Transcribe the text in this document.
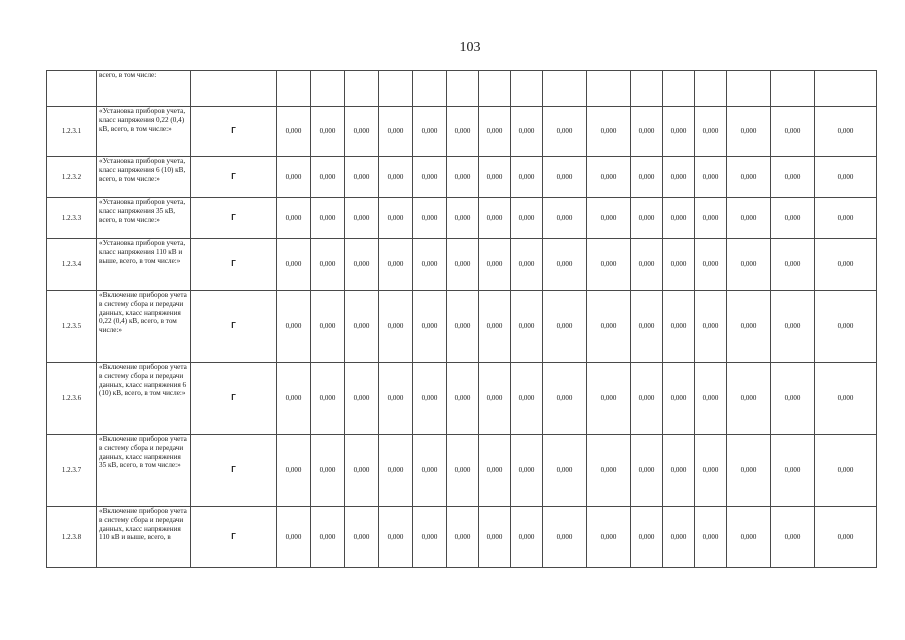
103
	всего, в том числе:																	
1.2.3.1	«Установка приборов учета, класс напряжения 0,22 (0,4) кВ, всего, в том числе:»	Г	0,000	0,000	0,000	0,000	0,000	0,000	0,000	0,000	0,000	0,000	0,000	0,000	0,000	0,000	0,000	0,000
1.2.3.2	«Установка приборов учета, класс напряжения 6 (10) кВ, всего, в том числе:»	Г	0,000	0,000	0,000	0,000	0,000	0,000	0,000	0,000	0,000	0,000	0,000	0,000	0,000	0,000	0,000	0,000
1.2.3.3	«Установка приборов учета, класс напряжения 35 кВ, всего, в том числе:»	Г	0,000	0,000	0,000	0,000	0,000	0,000	0,000	0,000	0,000	0,000	0,000	0,000	0,000	0,000	0,000	0,000
1.2.3.4	«Установка приборов учета, класс напряжения 110 кВ и выше, всего, в том числе:»	Г	0,000	0,000	0,000	0,000	0,000	0,000	0,000	0,000	0,000	0,000	0,000	0,000	0,000	0,000	0,000	0,000
1.2.3.5	«Включение приборов учета в систему сбора и передачи данных, класс напряжения 0,22 (0,4) кВ, всего, в том числе:»	Г	0,000	0,000	0,000	0,000	0,000	0,000	0,000	0,000	0,000	0,000	0,000	0,000	0,000	0,000	0,000	0,000
1.2.3.6	«Включение приборов учета в систему сбора и передачи данных, класс напряжения 6 (10) кВ, всего, в том числе:»	Г	0,000	0,000	0,000	0,000	0,000	0,000	0,000	0,000	0,000	0,000	0,000	0,000	0,000	0,000	0,000	0,000
1.2.3.7	«Включение приборов учета в систему сбора и передачи данных, класс напряжения 35 кВ, всего, в том числе:»	Г	0,000	0,000	0,000	0,000	0,000	0,000	0,000	0,000	0,000	0,000	0,000	0,000	0,000	0,000	0,000	0,000
1.2.3.8	«Включение приборов учета в систему сбора и передачи данных, класс напряжения 110 кВ и выше, всего, в	Г	0,000	0,000	0,000	0,000	0,000	0,000	0,000	0,000	0,000	0,000	0,000	0,000	0,000	0,000	0,000	0,000
